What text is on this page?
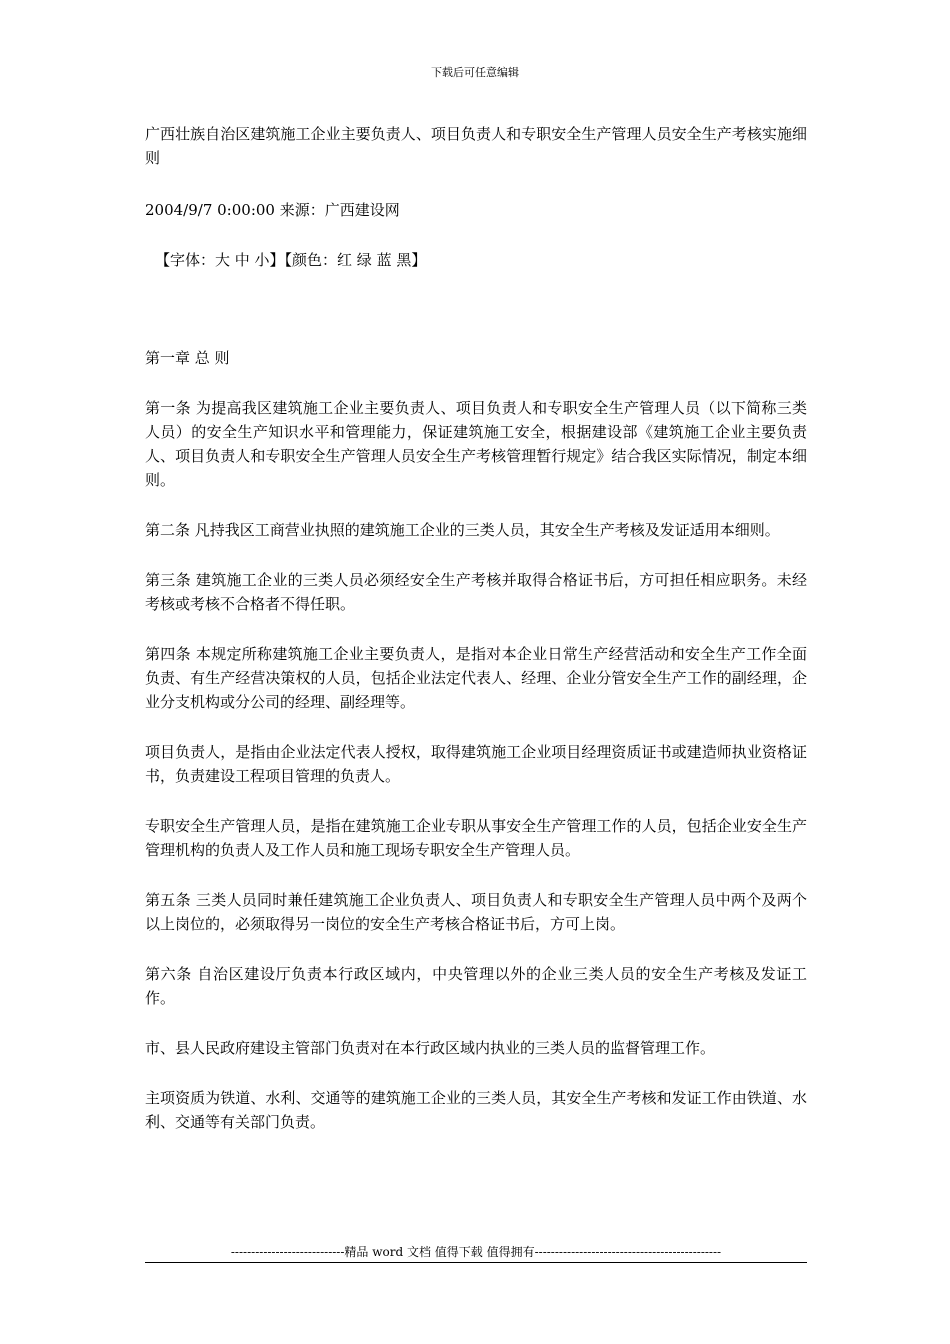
下载后可任意编辑

广西壮族自治区建筑施工企业主要负责人、项目负责人和专职安全生产管理人员安全生产考核实施细则

2004/9/7 0:00:00 来源：广西建设网

【字体：大 中 小】【颜色：红 绿 蓝 黑】

第一章 总 则

第一条 为提高我区建筑施工企业主要负责人、项目负责人和专职安全生产管理人员（以下简称三类人员）的安全生产知识水平和管理能力，保证建筑施工安全，根据建设部《建筑施工企业主要负责人、项目负责人和专职安全生产管理人员安全生产考核管理暂行规定》结合我区实际情况，制定本细则。

第二条 凡持我区工商营业执照的建筑施工企业的三类人员，其安全生产考核及发证适用本细则。

第三条 建筑施工企业的三类人员必须经安全生产考核并取得合格证书后，方可担任相应职务。未经考核或考核不合格者不得任职。

第四条 本规定所称建筑施工企业主要负责人，是指对本企业日常生产经营活动和安全生产工作全面负责、有生产经营决策权的人员，包括企业法定代表人、经理、企业分管安全生产工作的副经理，企业分支机构或分公司的经理、副经理等。

项目负责人，是指由企业法定代表人授权，取得建筑施工企业项目经理资质证书或建造师执业资格证书，负责建设工程项目管理的负责人。

专职安全生产管理人员，是指在建筑施工企业专职从事安全生产管理工作的人员，包括企业安全生产管理机构的负责人及工作人员和施工现场专职安全生产管理人员。

第五条 三类人员同时兼任建筑施工企业负责人、项目负责人和专职安全生产管理人员中两个及两个以上岗位的，必须取得另一岗位的安全生产考核合格证书后，方可上岗。

第六条 自治区建设厅负责本行政区域内，中央管理以外的企业三类人员的安全生产考核及发证工作。

市、县人民政府建设主管部门负责对在本行政区域内执业的三类人员的监督管理工作。

主项资质为铁道、水利、交通等的建筑施工企业的三类人员，其安全生产考核和发证工作由铁道、水利、交通等有关部门负责。

----------------------------精品 word 文档 值得下载 值得拥有----------------------------------------------
